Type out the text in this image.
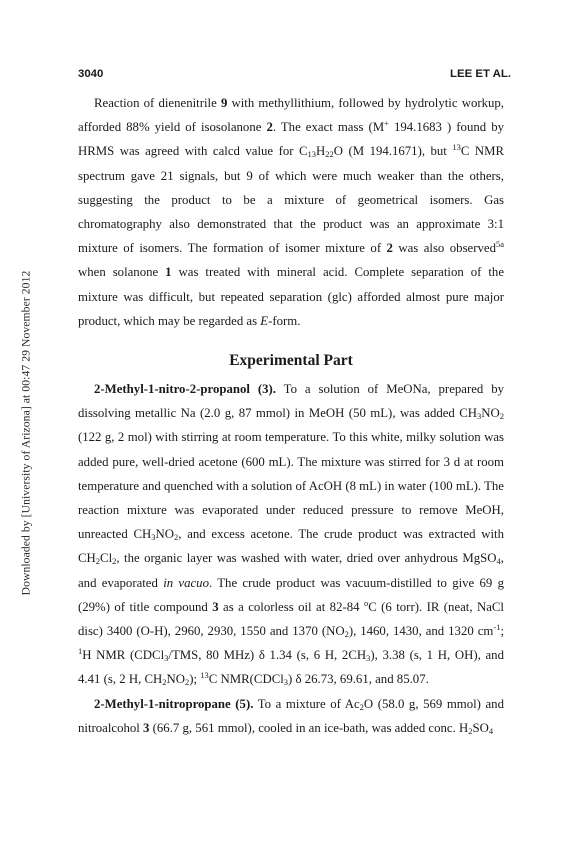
Downloaded by [University of Arizona] at 00:47 29 November 2012
3040	LEE ET AL.

Reaction of dienenitrile 9 with methyllithium, followed by hydrolytic workup, afforded 88% yield of isosolanone 2. The exact mass (M+ 194.1683 ) found by HRMS was agreed with calcd value for $C_{13}H_{22}O$ (M 194.1671), but $^{13}$C NMR spectrum gave 21 signals, but 9 of which were much weaker than the others, suggesting the product to be a mixture of geometrical isomers. Gas chromatography also demonstrated that the product was an approximate 3:1 mixture of isomers. The formation of isomer mixture of 2 was also observed$^{5a}$ when solanone 1 was treated with mineral acid. Complete separation of the mixture was difficult, but repeated separation (glc) afforded almost pure major product, which may be regarded as E-form.

Experimental Part

2-Methyl-1-nitro-2-propanol (3). To a solution of MeONa, prepared by dissolving metallic Na (2.0 g, 87 mmol) in MeOH (50 mL), was added $CH_3NO_2$ (122 g, 2 mol) with stirring at room temperature. To this white, milky solution was added pure, well-dried acetone (600 mL). The mixture was stirred for 3 d at room temperature and quenched with a solution of AcOH (8 mL) in water (100 mL). The reaction mixture was evaporated under reduced pressure to remove MeOH, unreacted $CH_3NO_2$, and excess acetone. The crude product was extracted with $CH_2Cl_2$, the organic layer was washed with water, dried over anhydrous MgSO$_4$, and evaporated in vacuo. The crude product was vacuum-distilled to give 69 g (29%) of title compound 3 as a colorless oil at 82-84 $^o$C (6 torr). IR (neat, NaCl disc) 3400 (O-H), 2960, 2930, 1550 and 1370 $(NO_2)$, 1460, 1430, and 1320 $cm^{-1}$; $^1$H NMR (CDCl$_3$/TMS, 80 MHz) δ 1.34 (s, 6 H, $2CH_3$), 3.38 (s, 1 H, OH), and 4.41 (s, 2 H, $CH_2NO_2$); $^{13}$C NMR(CDCl$_3$) δ 26.73, 69.61, and 85.07.

2-Methyl-1-nitropropane (5). To a mixture of $Ac_2O$ (58.0 g, 569 mmol) and nitroalcohol 3 (66.7 g, 561 mmol), cooled in an ice-bath, was added conc. $H_2SO_4$
